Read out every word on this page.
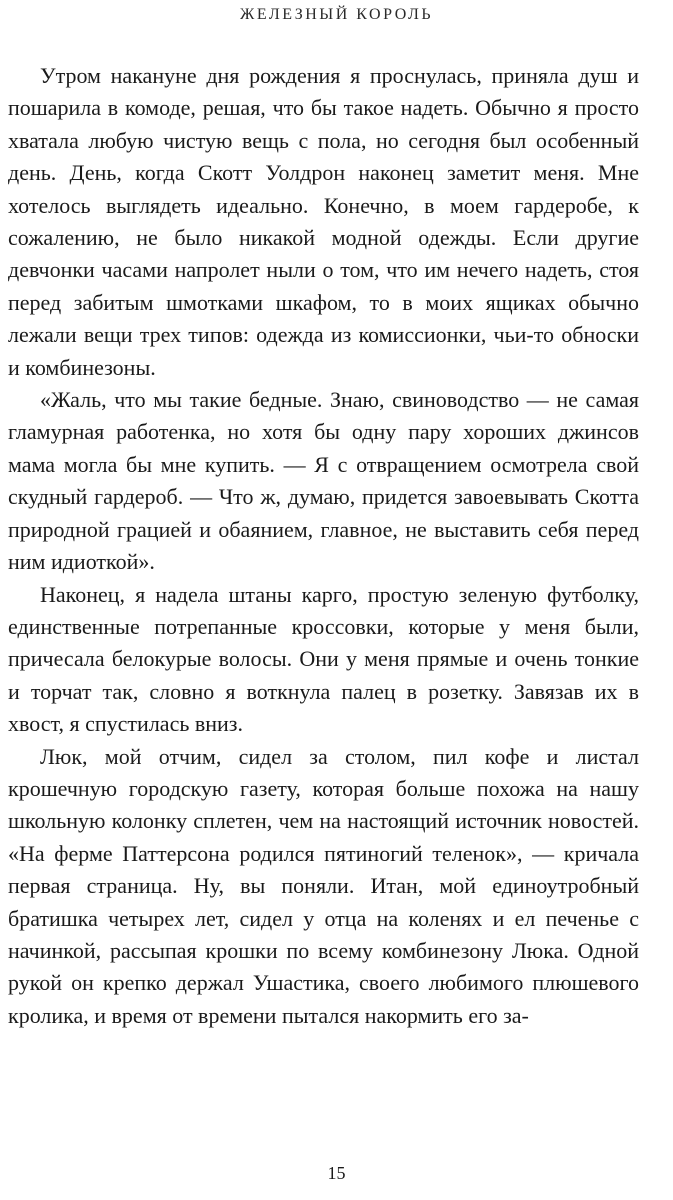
ЖЕЛЕЗНЫЙ КОРОЛЬ

Утром накануне дня рождения я проснулась, приняла душ и пошарила в комоде, решая, что бы такое надеть. Обычно я просто хватала любую чистую вещь с пола, но сегодня был особенный день. День, когда Скотт Уолдрон наконец заметит меня. Мне хотелось выглядеть идеально. Конечно, в моем гардеробе, к сожалению, не было никакой модной одежды. Если другие девчонки часами напролет ныли о том, что им нечего надеть, стоя перед забитым шмотками шкафом, то в моих ящиках обычно лежали вещи трех типов: одежда из комиссионки, чьи-то обноски и комбинезоны.

«Жаль, что мы такие бедные. Знаю, свиноводство — не самая гламурная работенка, но хотя бы одну пару хороших джинсов мама могла бы мне купить. — Я с отвращением осмотрела свой скудный гардероб. — Что ж, думаю, придется завоевывать Скотта природной грацией и обаянием, главное, не выставить себя перед ним идиоткой».

Наконец, я надела штаны карго, простую зеленую футболку, единственные потрепанные кроссовки, которые у меня были, причесала белокурые волосы. Они у меня прямые и очень тонкие и торчат так, словно я воткнула палец в розетку. Завязав их в хвост, я спустилась вниз.

Люк, мой отчим, сидел за столом, пил кофе и листал крошечную городскую газету, которая больше похожа на нашу школьную колонку сплетен, чем на настоящий источник новостей. «На ферме Паттерсона родился пятиногий теленок», — кричала первая страница. Ну, вы поняли. Итан, мой единоутробный братишка четырех лет, сидел у отца на коленях и ел печенье с начинкой, рассыпая крошки по всему комбинезону Люка. Одной рукой он крепко держал Ушастика, своего любимого плюшевого кролика, и время от времени пытался накормить его за-

15
